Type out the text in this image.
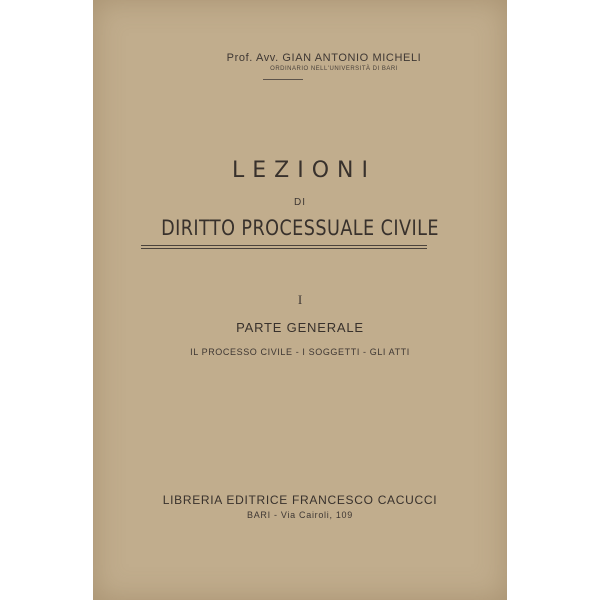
Prof. Avv. GIAN ANTONIO MICHELI
ORDINARIO NELL'UNIVERSITÀ DI BARI
LEZIONI
DI
DIRITTO PROCESSUALE CIVILE
I
PARTE GENERALE
IL PROCESSO CIVILE - I SOGGETTI - GLI ATTI
LIBRERIA EDITRICE FRANCESCO CACUCCI
BARI - Via Cairoli, 109
